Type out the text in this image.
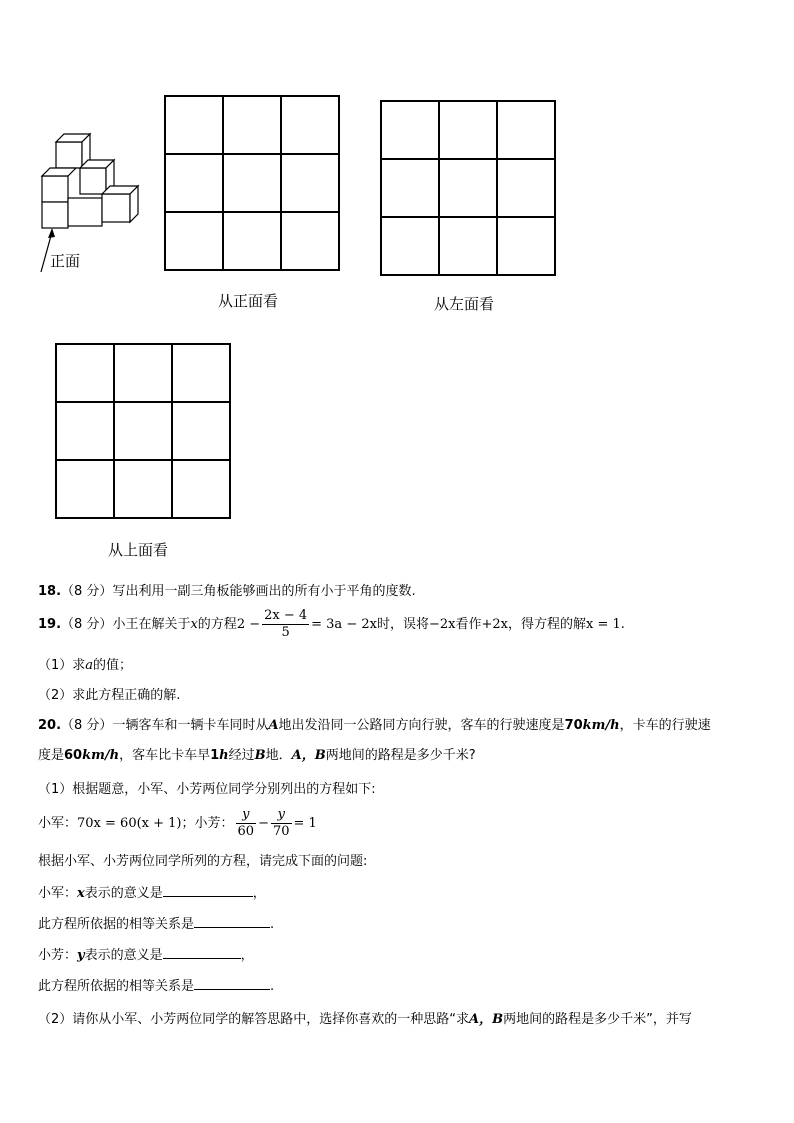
正面

从正面看

			从左面看

从上面看
18.（8 分）写出利用一副三角板能够画出的所有小于平角的度数.
19.（8 分）小王在解关于x的方程$2 - \frac{2x - 4}{5} = 3a - 2x$时，误将−2x看作+2x，得方程的解x = 1.
（1）求a的值；
（2）求此方程正确的解.
20.（8 分）一辆客车和一辆卡车同时从A地出发沿同一公路同方向行驶，客车的行驶速度是70km/h，卡车的行驶速
度是60km/h，客车比卡车早1h经过B地．A，B两地间的路程是多少千米?
（1）根据题意，小军、小芳两位同学分别列出的方程如下:
小军：70x = 60(x + 1)；小芳： $\frac{y}{60} - \frac{y}{70} = 1$
根据小军、小芳两位同学所列的方程，请完成下面的问题:
小军：x表示的意义是	，
此方程所依据的相等关系是	.
小芳：y表示的意义是	，
此方程所依据的相等关系是	.
（2）请你从小军、小芳两位同学的解答思路中，选择你喜欢的一种思路“求A，B两地间的路程是多少千米”，并写
